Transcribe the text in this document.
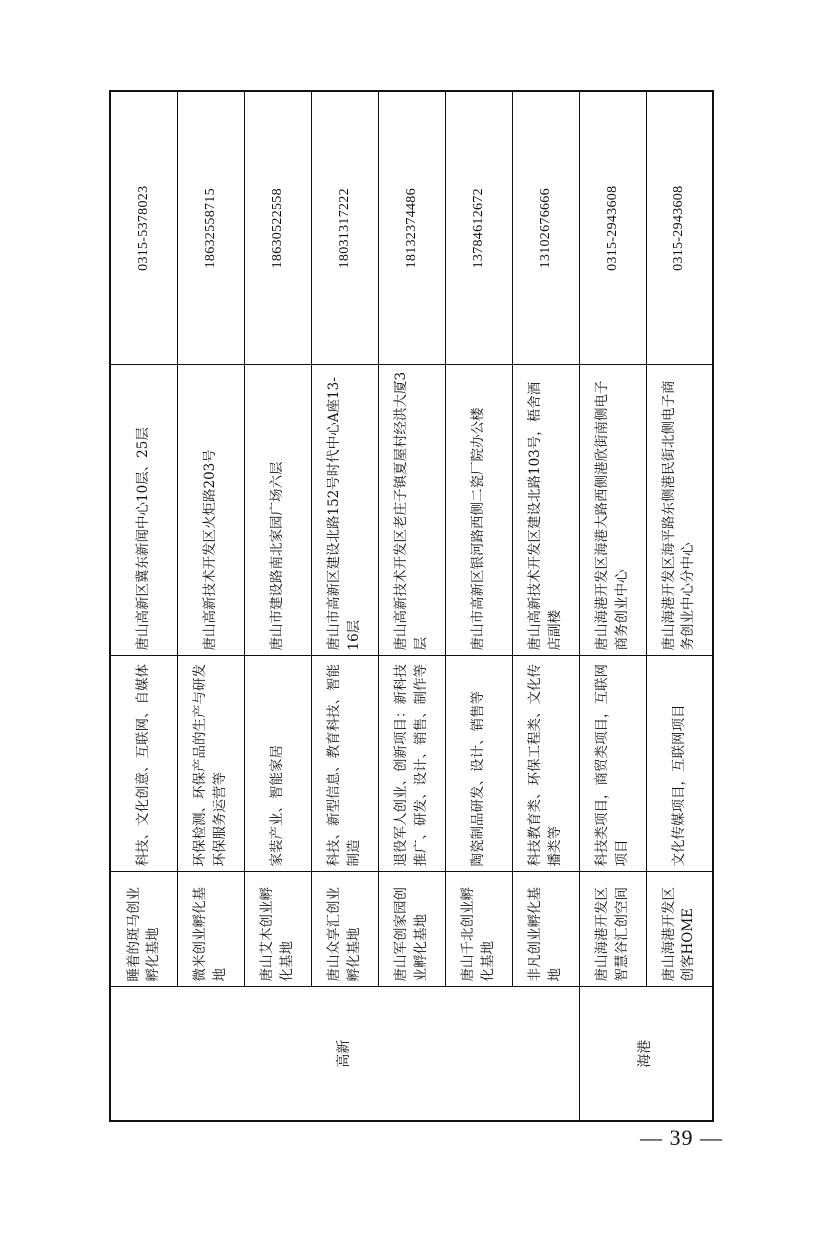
高新	睡着的斑马创业孵化基地	科技、文化创意、互联网、自媒体	唐山高新区冀东新闻中心10层、25层	0315-5378023
	微米创业孵化基地	环保检测、环保产品的生产与研发环保服务运营等	唐山高新技术开发区火炬路203号	18632558715
	唐山艾木创业孵化基地	家装产业、智能家居	唐山市建设路南北家园广场六层	18630522558
	唐山众享汇创业孵化基地	科技、新型信息、教育科技、智能制造	唐山市高新区建设北路152号时代中心A座13-16层	18031317222
	唐山军创家园创业孵化基地	退役军人创业、创新项目：新科技推广、研发、设计、销售、制作等	唐山高新技术开发区老庄子镇夏屋村经洪大厦3层	18132374486
	唐山千北创业孵化基地	陶瓷制品研发、设计、销售等	唐山市高新区银河路西侧二瓷厂院办公楼	13784612672
	非凡创业孵化基地	科技教育类、环保工程类、文化传播类等	唐山高新技术开发区建设北路103号，梧舍酒店副楼	13102676666
海港	唐山海港开发区智慧谷汇创空间	科技类项目，商贸类项目，互联网项目	唐山海港开发区海港大路西侧港欣街南侧电子商务创业中心	0315-2943608
	唐山海港开发区创客HOME	文化传媒项目，互联网项目	唐山海港开发区海平路东侧港民街北侧电子商务创业中心分中心	0315-2943608
— 39 —
